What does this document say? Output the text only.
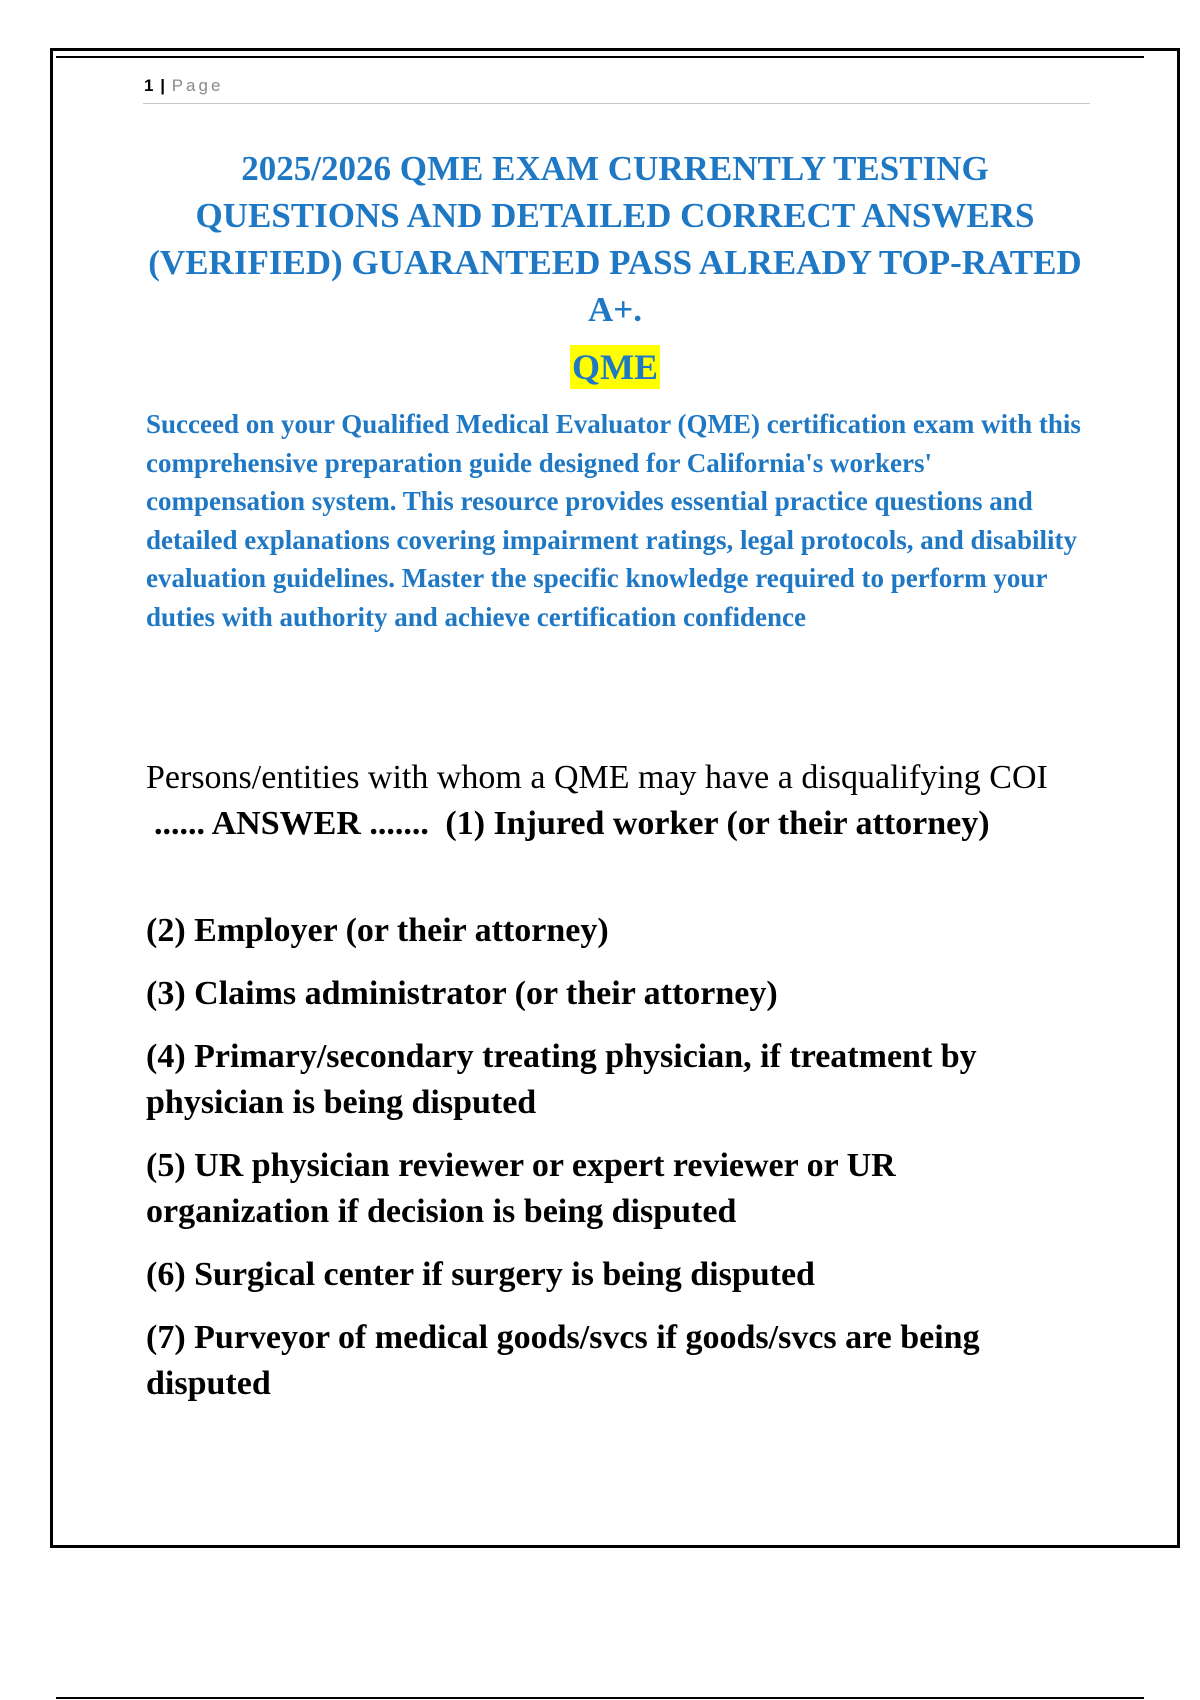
1 | Page
2025/2026 QME EXAM CURRENTLY TESTING QUESTIONS AND DETAILED CORRECT ANSWERS (VERIFIED) GUARANTEED PASS ALREADY TOP-RATED A+.
QME

Succeed on your Qualified Medical Evaluator (QME) certification exam with this comprehensive preparation guide designed for California's workers' compensation system. This resource provides essential practice questions and detailed explanations covering impairment ratings, legal protocols, and disability evaluation guidelines. Master the specific knowledge required to perform your duties with authority and achieve certification confidence

Persons/entities with whom a QME may have a disqualifying COI ...... ANSWER ....... (1) Injured worker (or their attorney)

(2) Employer (or their attorney)
(3) Claims administrator (or their attorney)
(4) Primary/secondary treating physician, if treatment by physician is being disputed
(5) UR physician reviewer or expert reviewer or UR organization if decision is being disputed
(6) Surgical center if surgery is being disputed
(7) Purveyor of medical goods/svcs if goods/svcs are being disputed
